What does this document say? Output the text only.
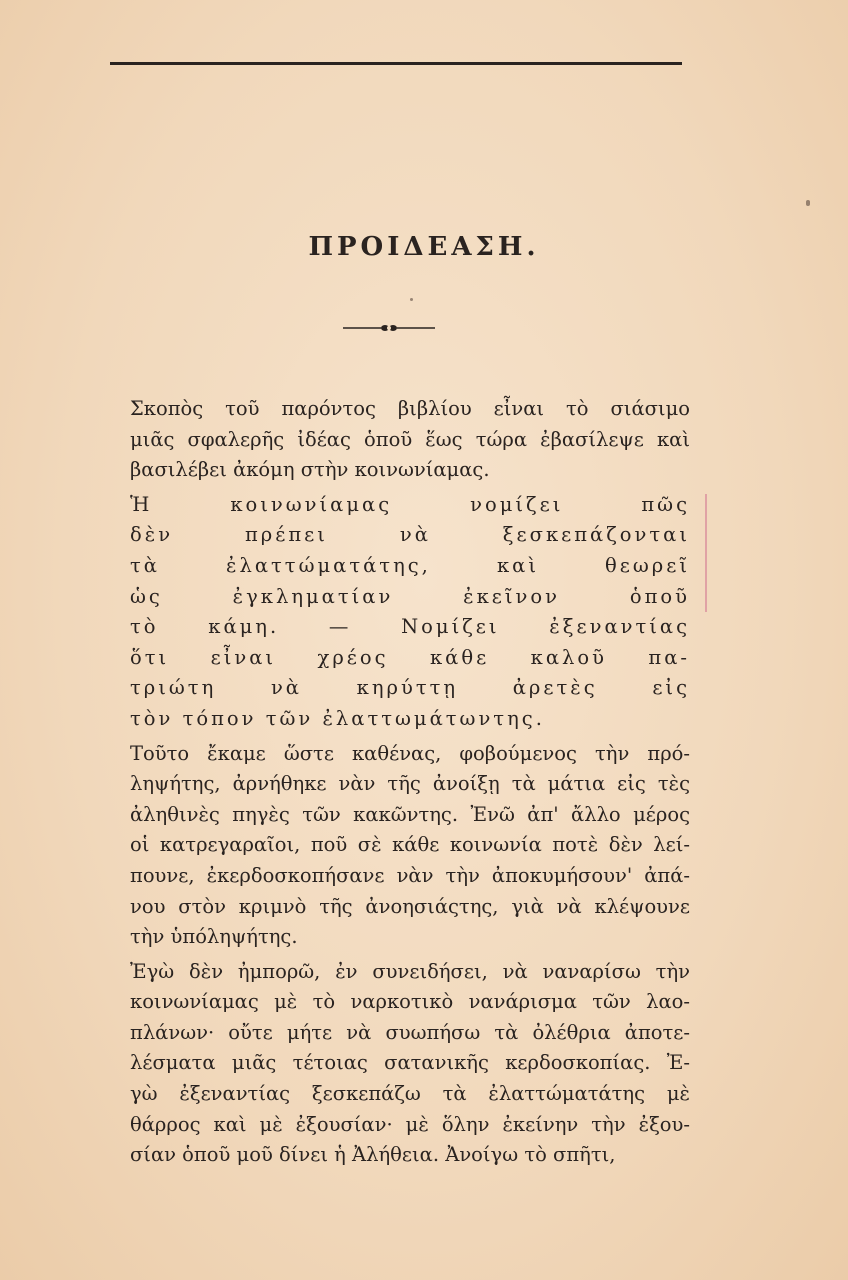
ΠΡΟΙΔΕΑΣΗ.
Σκοπὸς τοῦ παρόντος βιβλίου εἶναι τὸ σιάσιμο
μιᾶς σφαλερῆς ἰδέας ὁποῦ ἕως τώρα ἐβασίλεψε καὶ
βασιλέβει ἀκόμη στὴν κοινωνίαμας.
Ἡ κοινωνίαμας νομίζει πῶς
δὲν πρέπει νὰ ξεσκεπάζονται
τὰ ἐλαττώματάτης, καὶ θεωρεῖ
ὡς ἐγκληματίαν ἐκεῖνον ὁποῦ
τὸ κάμη. — Νομίζει ἐξεναντίας
ὅτι εἶναι χρέος κάθε καλοῦ πα-
τριώτη νὰ κηρύττῃ ἀρετὲς εἰς
τὸν τόπον τῶν ἐλαττωμάτωντης.
Τοῦτο ἔκαμε ὥστε καθένας, φοβούμενος τὴν πρό-
ληψήτης, ἀρνήθηκε νὰν τῆς ἀνοίξῃ τὰ μάτια εἰς τὲς
ἀληθινὲς πηγὲς τῶν κακῶντης. Ἐνῶ ἀπ' ἄλλο μέρος
οἱ κατρεγαραῖοι, ποῦ σὲ κάθε κοινωνία ποτὲ δὲν λεί-
πουνε, ἐκερδοσκοπήσανε νὰν τὴν ἀποκυμήσουν' ἀπά-
νου στὸν κριμνὸ τῆς ἀνοησιάςτης, γιὰ νὰ κλέψουνε
τὴν ὑπόληψήτης.
Ἐγὼ δὲν ἠμπορῶ, ἐν συνειδήσει, νὰ ναναρίσω τὴν
κοινωνίαμας μὲ τὸ ναρκοτικὸ νανάρισμα τῶν λαο-
πλάνων· οὔτε μήτε νὰ συωπήσω τὰ ὀλέθρια ἀποτε-
λέσματα μιᾶς τέτοιας σατανικῆς κερδοσκοπίας. Ἐ-
γὼ ἐξεναντίας ξεσκεπάζω τὰ ἐλαττώματάτης μὲ
θάρρος καὶ μὲ ἐξουσίαν· μὲ ὅλην ἐκείνην τὴν ἐξου-
σίαν ὁποῦ μοῦ δίνει ἡ Ἀλήθεια. Ἀνοίγω τὸ σπῆτι,
